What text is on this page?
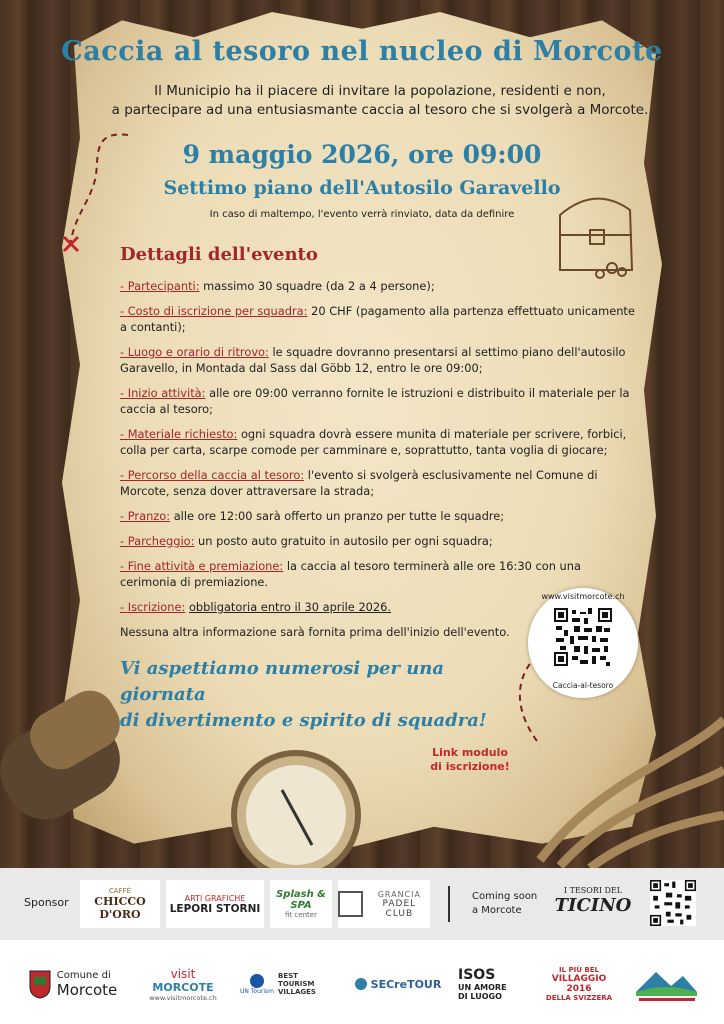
Caccia al tesoro nel nucleo di Morcote
Il Municipio ha il piacere di invitare la popolazione, residenti e non,
a partecipare ad una entusiasmante caccia al tesoro che si svolgerà a Morcote.
9 maggio 2026, ore 09:00
Settimo piano dell'Autosilo Garavello
In caso di maltempo, l'evento verrà rinviato, data da definire
Dettagli dell'evento

- Partecipanti: massimo 30 squadre (da 2 a 4 persone);

- Costo di iscrizione per squadra: 20 CHF (pagamento alla partenza effettuato unicamente a contanti);

- Luogo e orario di ritrovo: le squadre dovranno presentarsi al settimo piano dell'autosilo Garavello, in Montada dal Sass dal Göbb 12, entro le ore 09:00;

- Inizio attività: alle ore 09:00 verranno fornite le istruzioni e distribuito il materiale per la caccia al tesoro;

- Materiale richiesto: ogni squadra dovrà essere munita di materiale per scrivere, forbici, colla per carta, scarpe comode per camminare e, soprattutto, tanta voglia di giocare;

- Percorso della caccia al tesoro: l'evento si svolgerà esclusivamente nel Comune di Morcote, senza dover attraversare la strada;

- Pranzo: alle ore 12:00 sarà offerto un pranzo per tutte le squadre;

- Parcheggio: un posto auto gratuito in autosilo per ogni squadra;

- Fine attività e premiazione: la caccia al tesoro terminerà alle ore 16:30 con una cerimonia di premiazione.

- Iscrizione: obbligatoria entro il 30 aprile 2026.

Nessuna altra informazione sarà fornita prima dell'inizio dell'evento.

Vi aspettiamo numerosi per una giornata
di divertimento e spirito di squadra!
www.visitmorcote.ch
Caccia-al-tesoro
Link modulo
di iscrizione!
Sponsor
CAFFÈ
CHICCO D'ORO
ARTI GRAFICHE
LEPORI STORNI
Splash & SPA
fit center
GRANCIA
PADEL CLUB
Coming soon
a Morcote
I TESORI DEL
TICINO
Comune di
Morcote
visit
MORCOTE
www.visitmorcote.ch
UN Tourism
BEST TOURISM VILLAGES
SECreTOUR
ISOS
UN AMORE
DI LUOGO
IL PIÙ BEL
VILLAGGIO 2016
DELLA SVIZZERA
